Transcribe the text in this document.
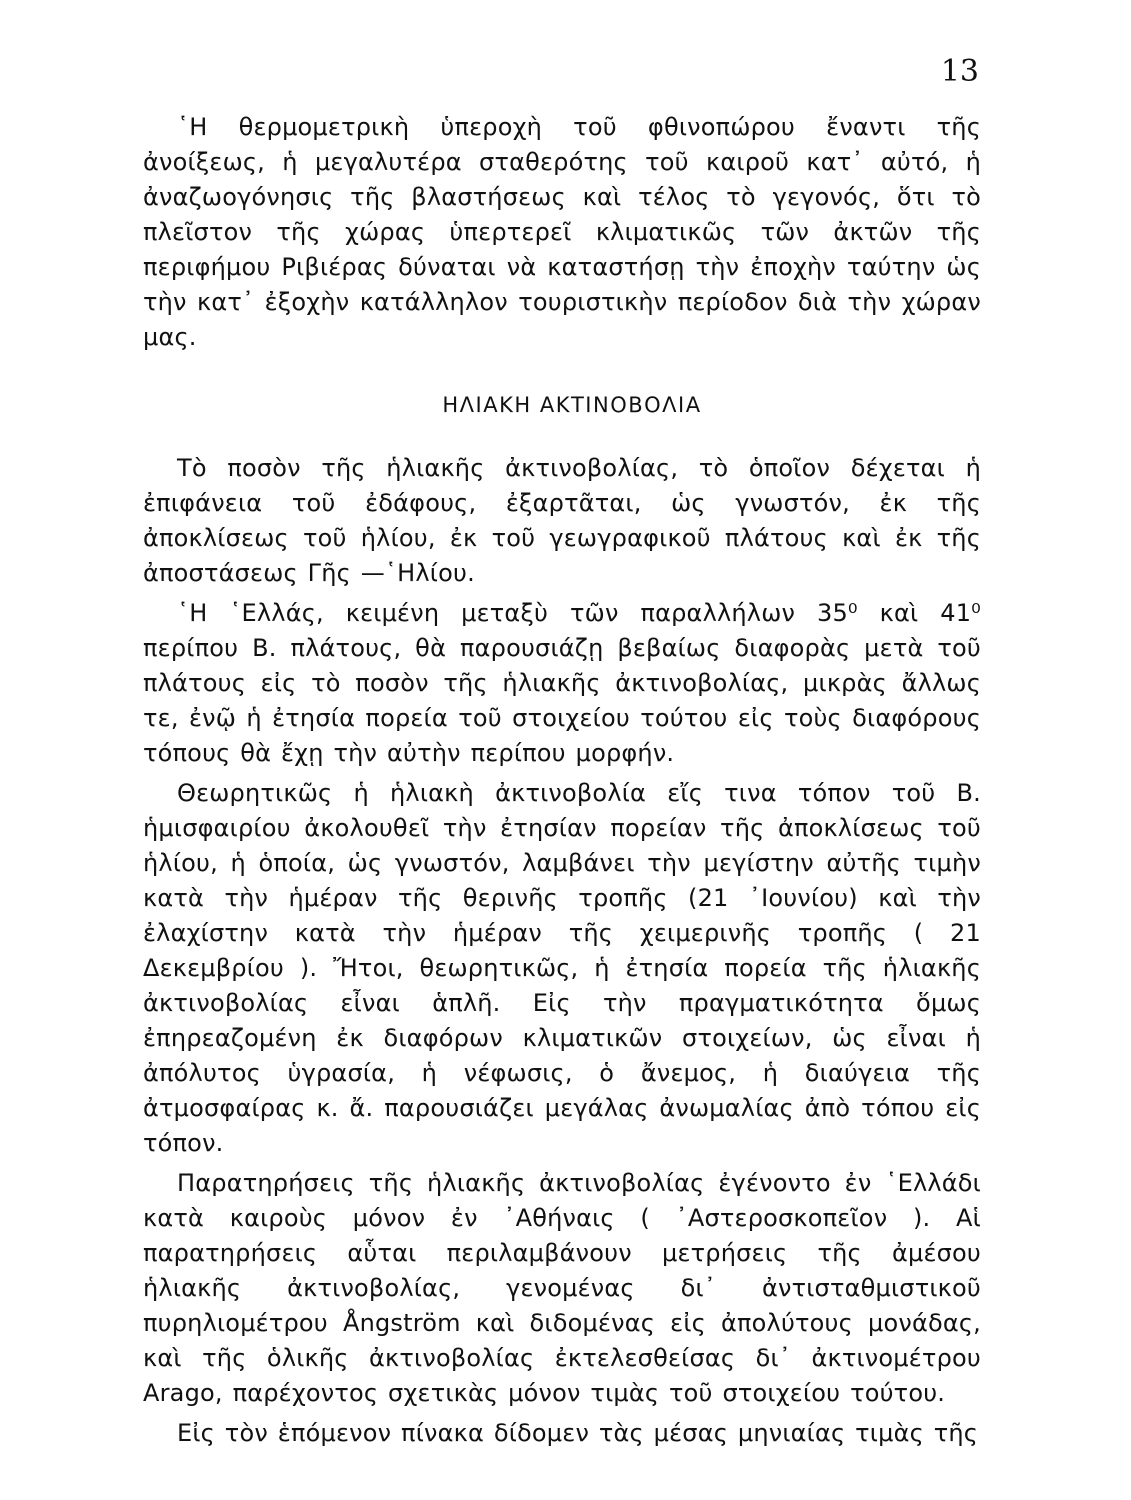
13

῾Η θερμομετρικὴ ὑπεροχὴ τοῦ φθινοπώρου ἔναντι τῆς ἀνοίξεως, ἡ μεγαλυτέρα σταθερότης τοῦ καιροῦ κατ᾽ αὐτό, ἡ ἀναζωογόνησις τῆς βλαστήσεως καὶ τέλος τὸ γεγονός, ὅτι τὸ πλεῖστον τῆς χώρας ὑπερτερεῖ κλιματικῶς τῶν ἀκτῶν τῆς περιφήμου Ριβιέρας δύναται νὰ καταστήσῃ τὴν ἐποχὴν ταύτην ὡς τὴν κατ᾽ ἐξοχὴν κατάλληλον τουριστικὴν περίοδον διὰ τὴν χώραν μας.

ΗΛΙΑΚΗ ΑΚΤΙΝΟΒΟΛΙΑ

Τὸ ποσὸν τῆς ἡλιακῆς ἀκτινοβολίας, τὸ ὁποῖον δέχεται ἡ ἐπιφάνεια τοῦ ἐδάφους, ἐξαρτᾶται, ὡς γνωστόν, ἐκ τῆς ἀποκλίσεως τοῦ ἡλίου, ἐκ τοῦ γεωγραφικοῦ πλάτους καὶ ἐκ τῆς ἀποστάσεως Γῆς —῾Ηλίου.

῾Η ῾Ελλάς, κειμένη μεταξὺ τῶν παραλλήλων 35⁰ καὶ 41⁰ περίπου Β. πλάτους, θὰ παρουσιάζῃ βεβαίως διαφορὰς μετὰ τοῦ πλάτους εἰς τὸ ποσὸν τῆς ἡλιακῆς ἀκτινοβολίας, μικρὰς ἄλλως τε, ἐνῷ ἡ ἐτησία πορεία τοῦ στοιχείου τούτου εἰς τοὺς διαφόρους τόπους θὰ ἔχῃ τὴν αὐτὴν περίπου μορφήν.

Θεωρητικῶς ἡ ἡλιακὴ ἀκτινοβολία εἴς τινα τόπον τοῦ Β. ἡμισφαιρίου ἀκολουθεῖ τὴν ἐτησίαν πορείαν τῆς ἀποκλίσεως τοῦ ἡλίου, ἡ ὁποία, ὡς γνωστόν, λαμβάνει τὴν μεγίστην αὐτῆς τιμὴν κατὰ τὴν ἡμέραν τῆς θερινῆς τροπῆς (21 ᾽Ιουνίου) καὶ τὴν ἐλαχίστην κατὰ τὴν ἡμέραν τῆς χειμερινῆς τροπῆς ( 21 Δεκεμβρίου ). Ἤτοι, θεωρητικῶς, ἡ ἐτησία πορεία τῆς ἡλιακῆς ἀκτινοβολίας εἶναι ἁπλῆ. Εἰς τὴν πραγματικότητα ὅμως ἐπηρεαζομένη ἐκ διαφόρων κλιματικῶν στοιχείων, ὡς εἶναι ἡ ἀπόλυτος ὑγρασία, ἡ νέφωσις, ὁ ἄνεμος, ἡ διαύγεια τῆς ἀτμοσφαίρας κ. ἄ. παρουσιάζει μεγάλας ἀνωμαλίας ἀπὸ τόπου εἰς τόπον.

Παρατηρήσεις τῆς ἡλιακῆς ἀκτινοβολίας ἐγένοντο ἐν ῾Ελλάδι κατὰ καιροὺς μόνον ἐν ᾽Αθήναις ( ᾽Αστεροσκοπεῖον ). Αἱ παρατηρήσεις αὗται περιλαμβάνουν μετρήσεις τῆς ἀμέσου ἡλιακῆς ἀκτινοβολίας, γενομένας δι᾽ ἀντισταθμιστικοῦ πυρηλιομέτρου Ångström καὶ διδομένας εἰς ἀπολύτους μονάδας, καὶ τῆς ὁλικῆς ἀκτινοβολίας ἐκτελεσθείσας δι᾽ ἀκτινομέτρου Arago, παρέχοντος σχετικὰς μόνον τιμὰς τοῦ στοιχείου τούτου.

Εἰς τὸν ἑπόμενον πίνακα δίδομεν τὰς μέσας μηνιαίας τιμὰς τῆς
